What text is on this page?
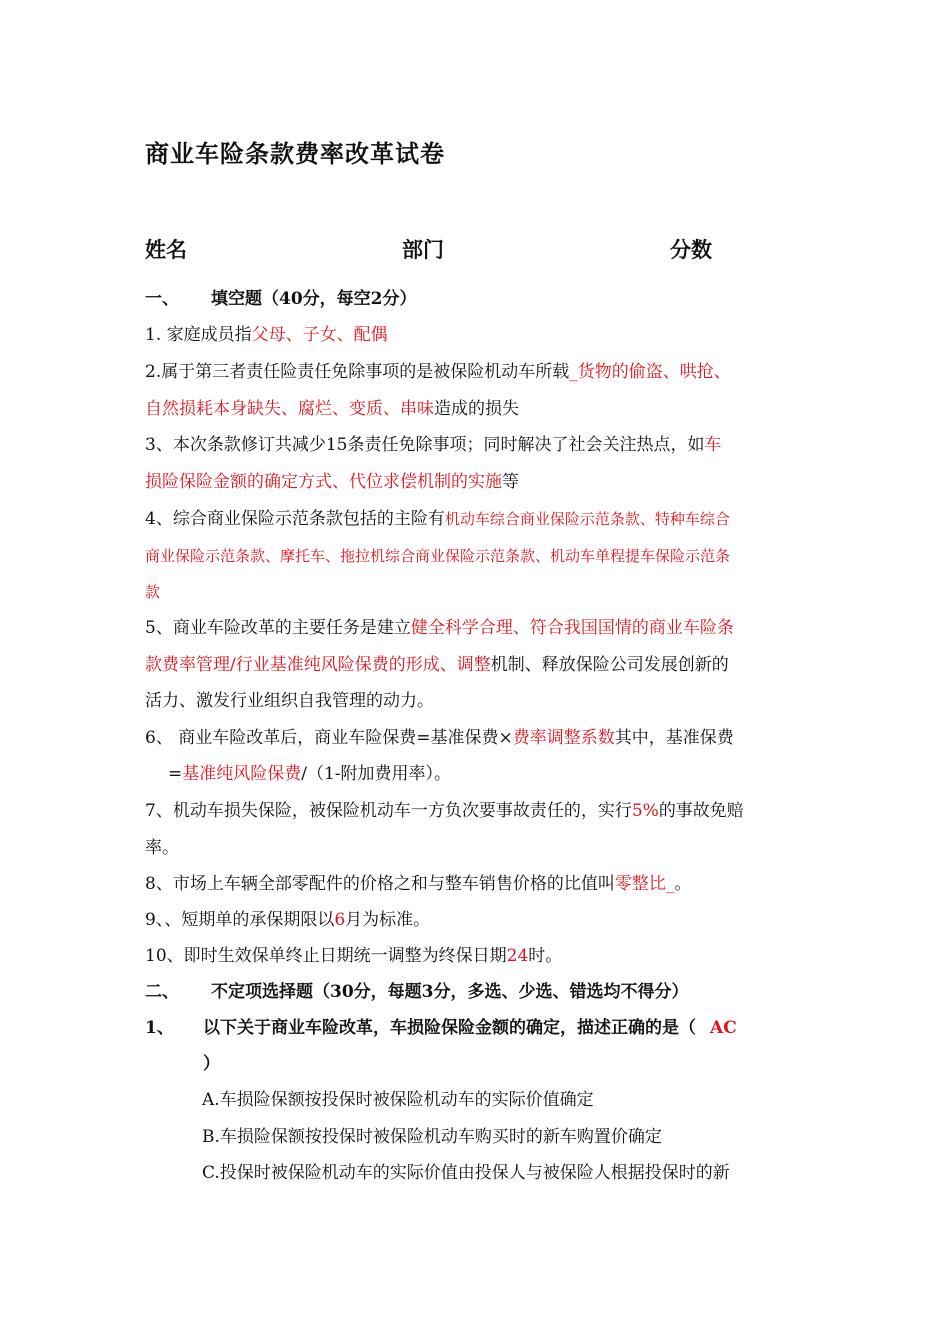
商业车险条款费率改革试卷
姓名	部门	分数
一、 填空题（40分，每空2分）
1. 家庭成员指父母、子女、配偶
2.属于第三者责任险责任免除事项的是被保险机动车所载_货物的偷盗、哄抢、
自然损耗本身缺失、腐烂、变质、串味造成的损失
3、本次条款修订共减少15条责任免除事项；同时解决了社会关注热点，如车
损险保险金额的确定方式、代位求偿机制的实施等
4、综合商业保险示范条款包括的主险有机动车综合商业保险示范条款、特种车综合
商业保险示范条款、摩托车、拖拉机综合商业保险示范条款、机动车单程提车保险示范条
款
5、商业车险改革的主要任务是建立健全科学合理、符合我国国情的商业车险条
款费率管理/行业基准纯风险保费的形成、调整机制、释放保险公司发展创新的
活力、激发行业组织自我管理的动力。
6、 商业车险改革后，商业车险保费=基准保费×费率调整系数其中，基准保费
=基准纯风险保费/（1-附加费用率）。
7、机动车损失保险，被保险机动车一方负次要事故责任的，实行5%的事故免赔
率。
8、市场上车辆全部零配件的价格之和与整车销售价格的比值叫零整比_。
9、、短期单的承保期限以6月为标准。
10、即时生效保单终止日期统一调整为终保日期24时。
二、 不定项选择题（30分，每题3分，多选、少选、错选均不得分）
1、 以下关于商业车险改革，车损险保险金额的确定，描述正确的是（ AC
）
A.车损险保额按投保时被保险机动车的实际价值确定
B.车损险保额按投保时被保险机动车购买时的新车购置价确定
C.投保时被保险机动车的实际价值由投保人与被保险人根据投保时的新
